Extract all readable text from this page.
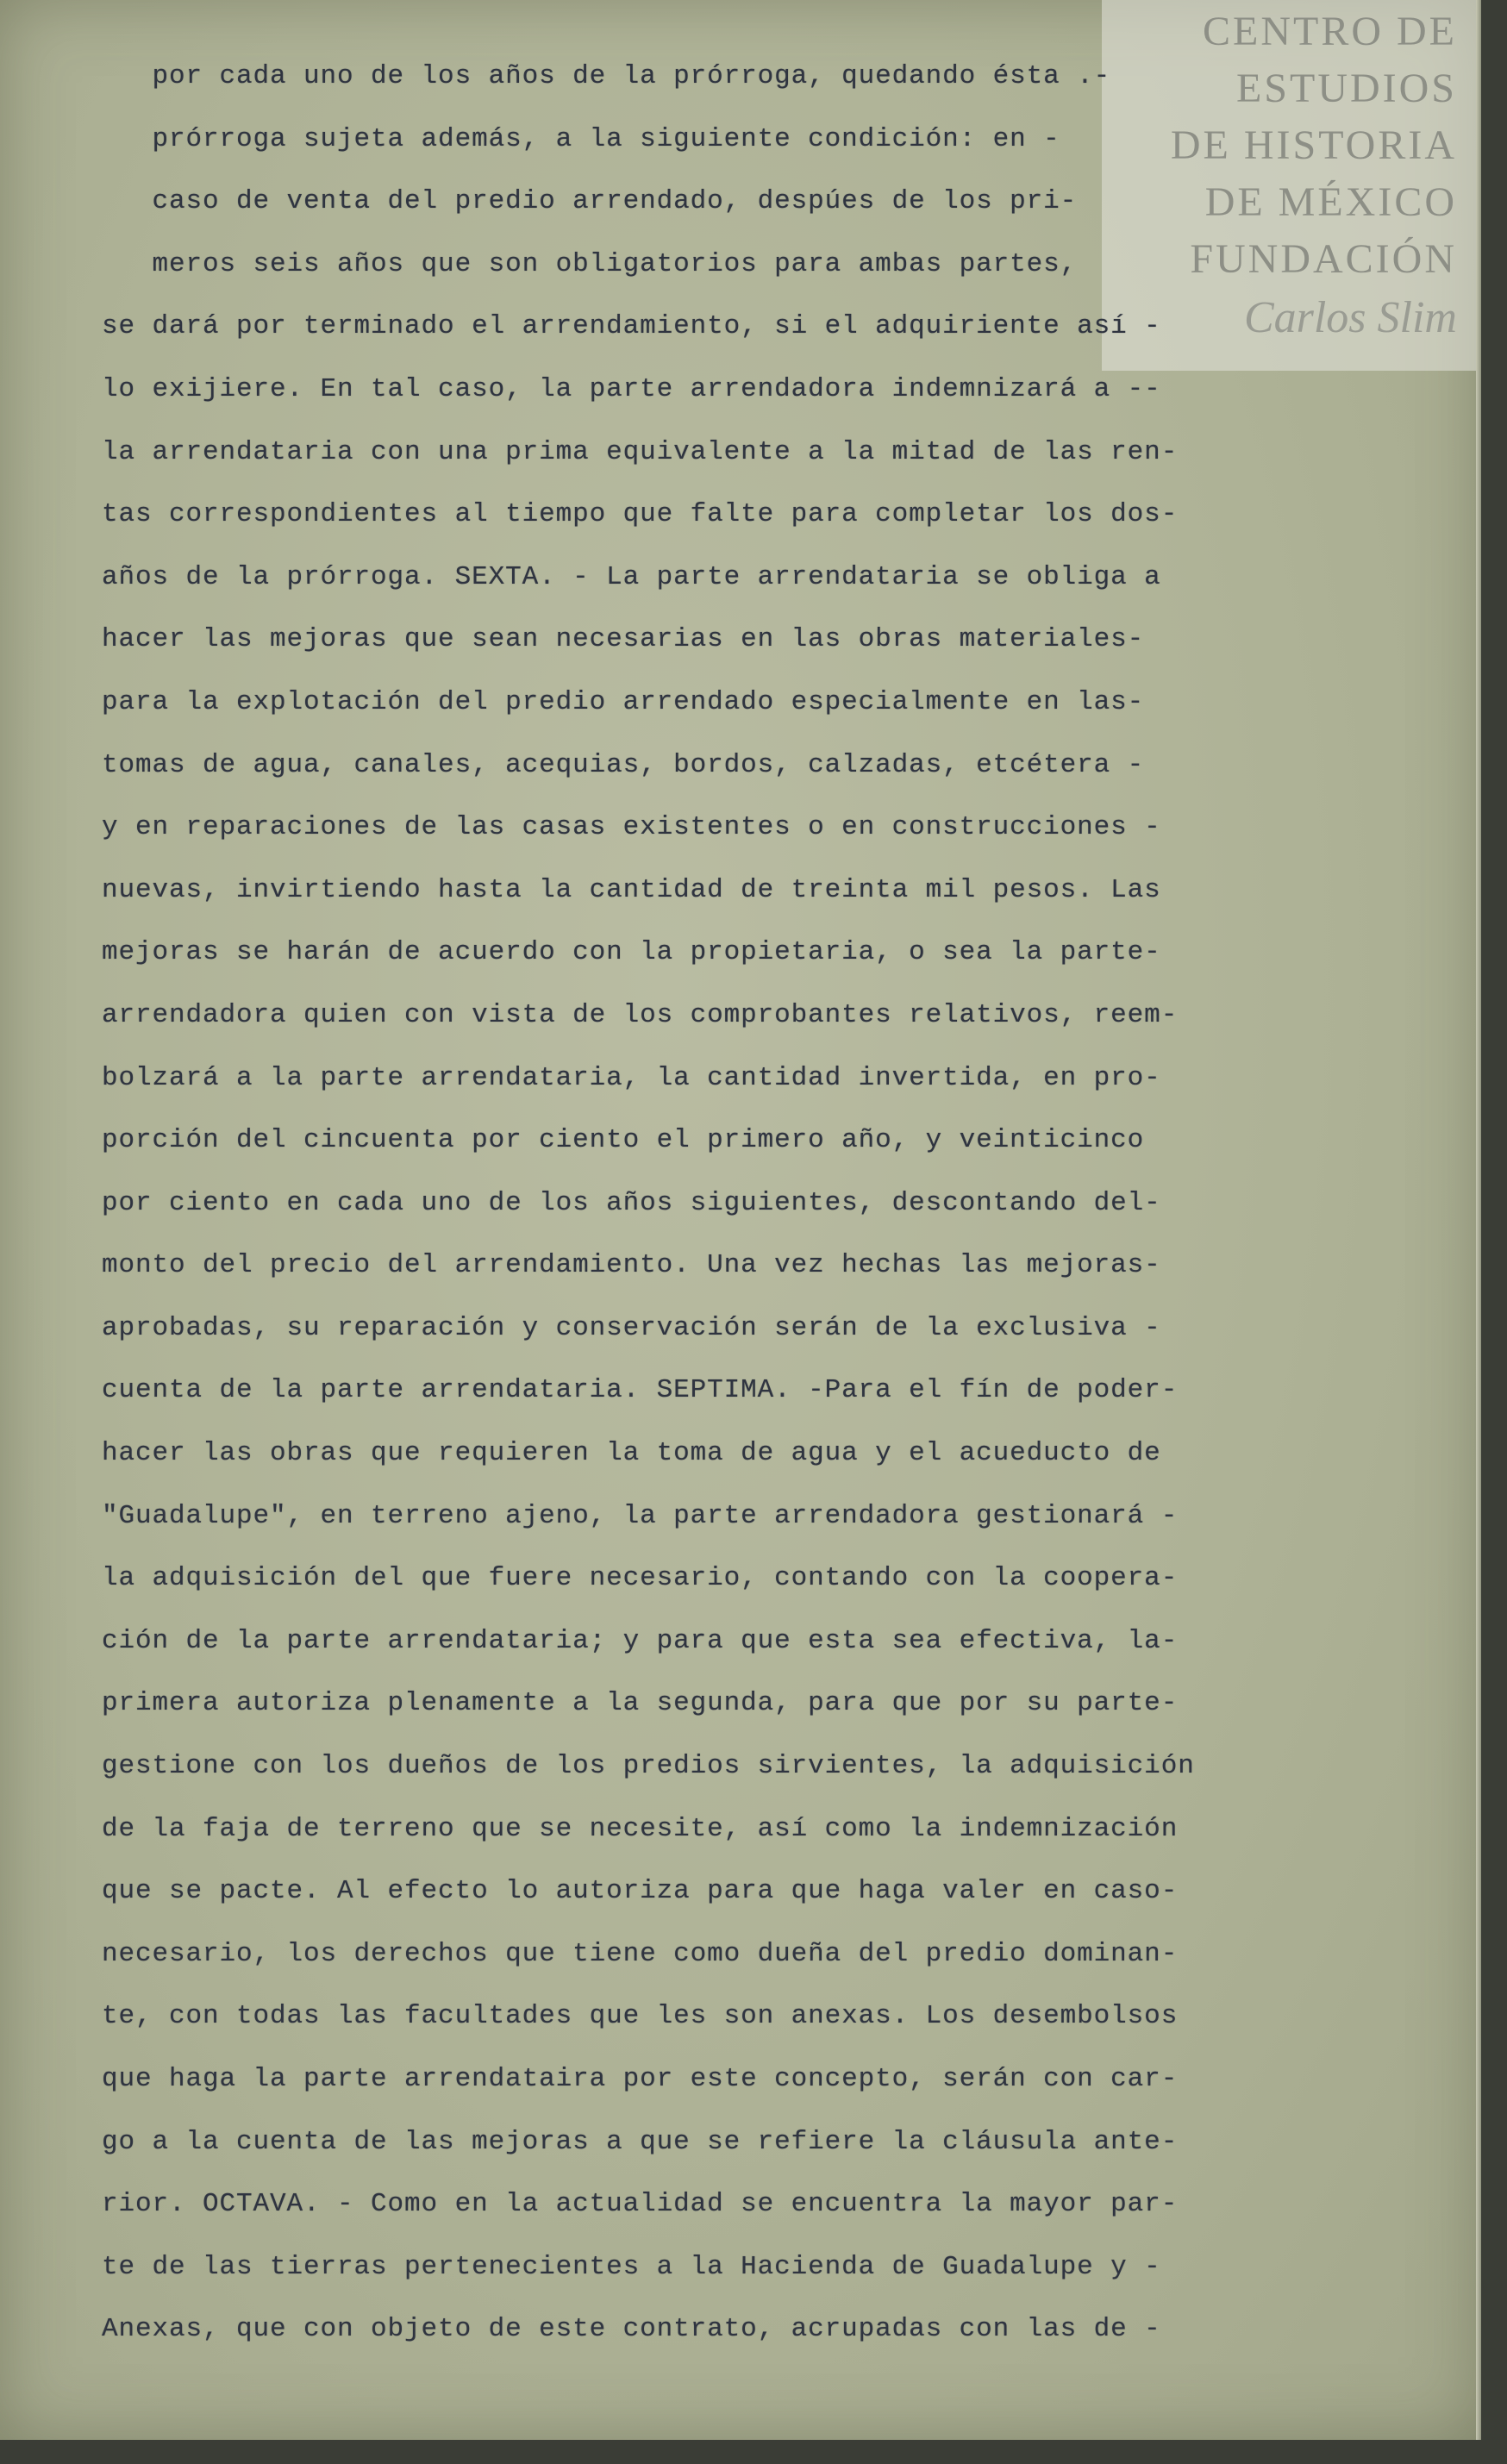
CENTRO DE
ESTUDIOS
DE HISTORIA
DE MÉXICO
FUNDACIÓN
Carlos Slim
por cada uno de los años de la prórroga, quedando ésta .-
prórroga sujeta además, a la siguiente condición: en -
caso de venta del predio arrendado, despúes de los pri-
meros seis años que son obligatorios para ambas partes,
se dará por terminado el arrendamiento, si el adquiriente así -
lo exijiere. En tal caso, la parte arrendadora indemnizará a --
la arrendataria con una prima equivalente a la mitad de las ren-
tas correspondientes al tiempo que falte para completar los dos-
años de la prórroga. SEXTA. - La parte arrendataria se obliga a
hacer las mejoras que sean necesarias en las obras materiales-
para la explotación del predio arrendado especialmente en las-
tomas de agua, canales, acequias, bordos, calzadas, etcétera -
y en reparaciones de las casas existentes o en construcciones -
nuevas, invirtiendo hasta la cantidad de treinta mil pesos. Las
mejoras se harán de acuerdo con la propietaria, o sea la parte-
arrendadora quien con vista de los comprobantes relativos, reem-
bolzará a la parte arrendataria, la cantidad invertida, en pro-
porción del cincuenta por ciento el primero año, y veinticinco
por ciento en cada uno de los años siguientes, descontando del-
monto del precio del arrendamiento. Una vez hechas las mejoras-
aprobadas, su reparación y conservación serán de la exclusiva -
cuenta de la parte arrendataria. SEPTIMA. -Para el fín de poder-
hacer las obras que requieren la toma de agua y el acueducto de
"Guadalupe", en terreno ajeno, la parte arrendadora gestionará -
la adquisición del que fuere necesario, contando con la coopera-
ción de la parte arrendataria; y para que esta sea efectiva, la-
primera autoriza plenamente a la segunda, para que por su parte-
gestione con los dueños de los predios sirvientes, la adquisición
de la faja de terreno que se necesite, así como la indemnización
que se pacte. Al efecto lo autoriza para que haga valer en caso-
necesario, los derechos que tiene como dueña del predio dominan-
te, con todas las facultades que les son anexas. Los desembolsos
que haga la parte arrendataira por este concepto, serán con car-
go a la cuenta de las mejoras a que se refiere la cláusula ante-
rior. OCTAVA. - Como en la actualidad se encuentra la mayor par-
te de las tierras pertenecientes a la Hacienda de Guadalupe y -
Anexas, que con objeto de este contrato, acrupadas con las de -
